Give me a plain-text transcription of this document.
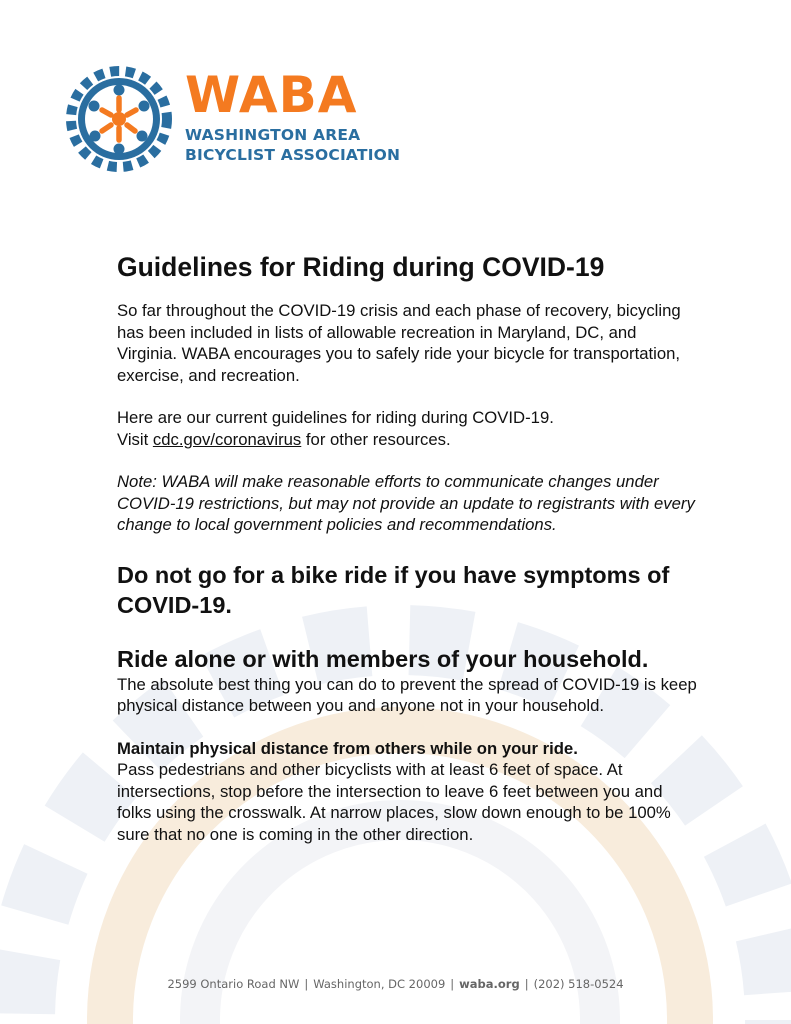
WABA
WASHINGTON AREA
BICYCLIST ASSOCIATION
Guidelines for Riding during COVID-19

So far throughout the COVID-19 crisis and each phase of recovery, bicycling has been included in lists of allowable recreation in Maryland, DC, and Virginia. WABA encourages you to safely ride your bicycle for transportation, exercise, and recreation.

Here are our current guidelines for riding during COVID-19.
Visit cdc.gov/coronavirus for other resources.

Note: WABA will make reasonable efforts to communicate changes under COVID-19 restrictions, but may not provide an update to registrants with every change to local government policies and recommendations.

Do not go for a bike ride if you have symptoms of COVID-19.
Ride alone or with members of your household.

The absolute best thing you can do to prevent the spread of COVID-19 is keep physical distance between you and anyone not in your household.

Maintain physical distance from others while on your ride.
Pass pedestrians and other bicyclists with at least 6 feet of space. At intersections, stop before the intersection to leave 6 feet between you and folks using the crosswalk. At narrow places, slow down enough to be 100% sure that no one is coming in the other direction.

2599 Ontario Road NW | Washington, DC 20009 | waba.org | (202) 518-0524
